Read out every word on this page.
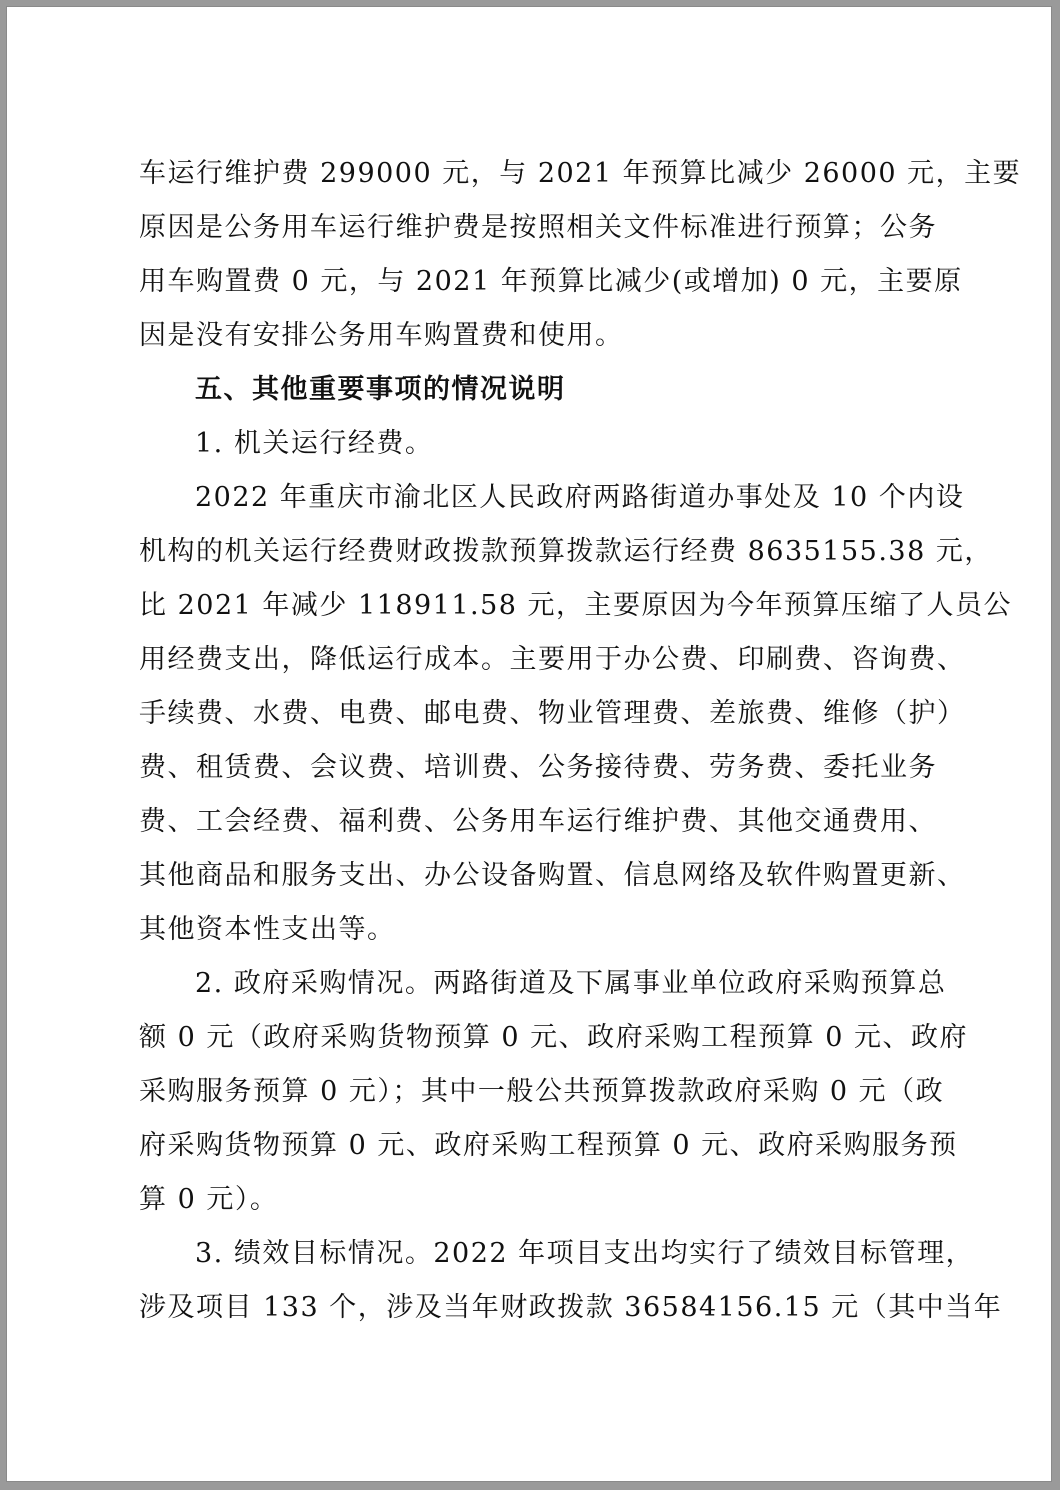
车运行维护费 299000 元，与 2021 年预算比减少 26000 元，主要
原因是公务用车运行维护费是按照相关文件标准进行预算；公务
用车购置费 0 元，与 2021 年预算比减少(或增加) 0 元，主要原
因是没有安排公务用车购置费和使用。
五、其他重要事项的情况说明
1. 机关运行经费。
2022 年重庆市渝北区人民政府两路街道办事处及 10 个内设
机构的机关运行经费财政拨款预算拨款运行经费 8635155.38 元，
比 2021 年减少 118911.58 元，主要原因为今年预算压缩了人员公
用经费支出，降低运行成本。主要用于办公费、印刷费、咨询费、
手续费、水费、电费、邮电费、物业管理费、差旅费、维修（护）
费、租赁费、会议费、培训费、公务接待费、劳务费、委托业务
费、工会经费、福利费、公务用车运行维护费、其他交通费用、
其他商品和服务支出、办公设备购置、信息网络及软件购置更新、
其他资本性支出等。
2. 政府采购情况。两路街道及下属事业单位政府采购预算总
额 0 元（政府采购货物预算 0 元、政府采购工程预算 0 元、政府
采购服务预算 0 元）；其中一般公共预算拨款政府采购 0 元（政
府采购货物预算 0 元、政府采购工程预算 0 元、政府采购服务预
算 0 元）。
3. 绩效目标情况。2022 年项目支出均实行了绩效目标管理，
涉及项目 133 个，涉及当年财政拨款 36584156.15 元（其中当年
